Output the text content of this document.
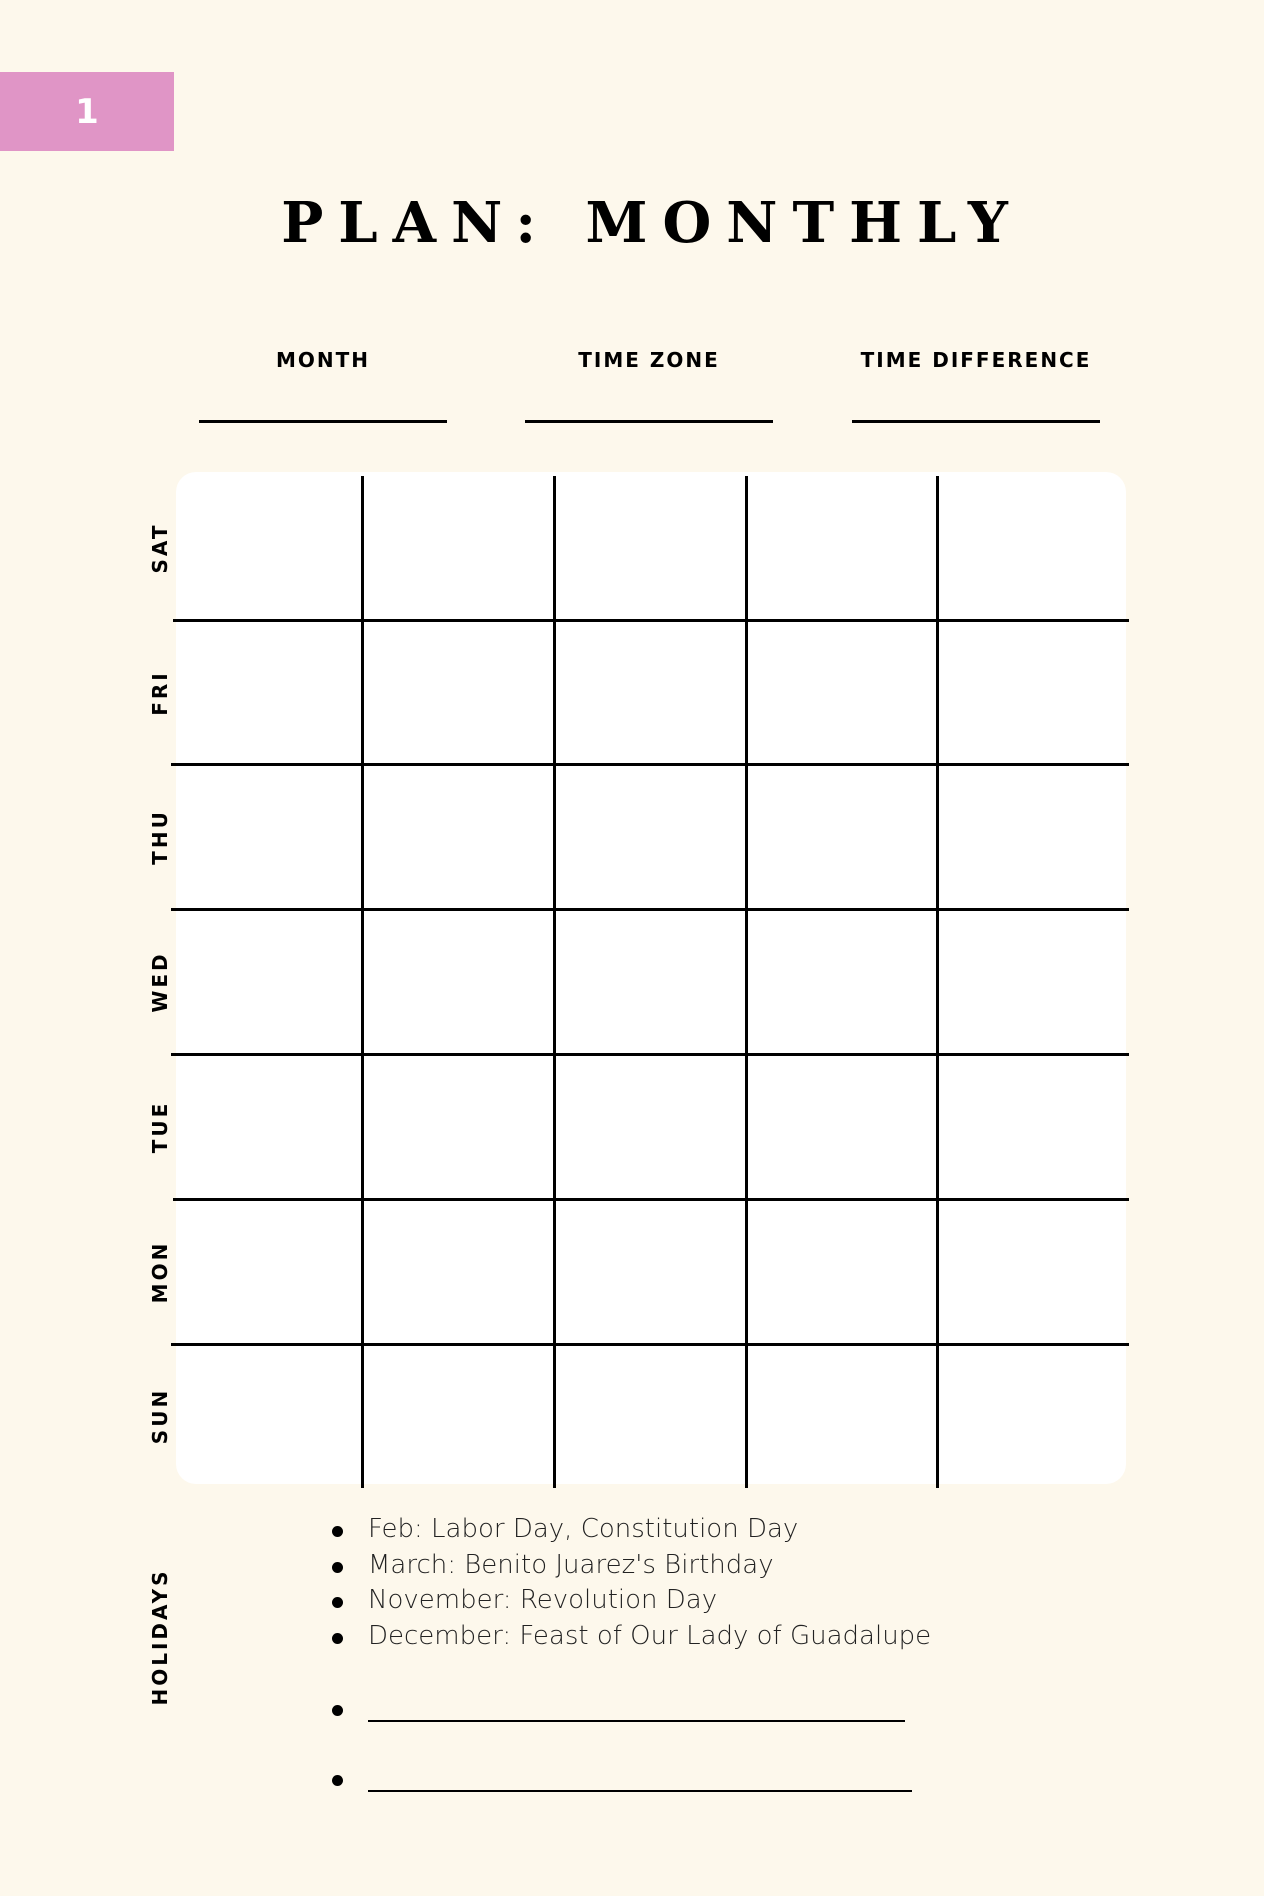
1
PLAN: MONTHLY
MONTH	TIME ZONE	TIME DIFFERENCE
SAT
FRI
THU
WED
TUE
MON
SUN
HOLIDAYS
Feb: Labor Day, Constitution Day
March: Benito Juarez's Birthday
November: Revolution Day
December: Feast of Our Lady of Guadalupe
